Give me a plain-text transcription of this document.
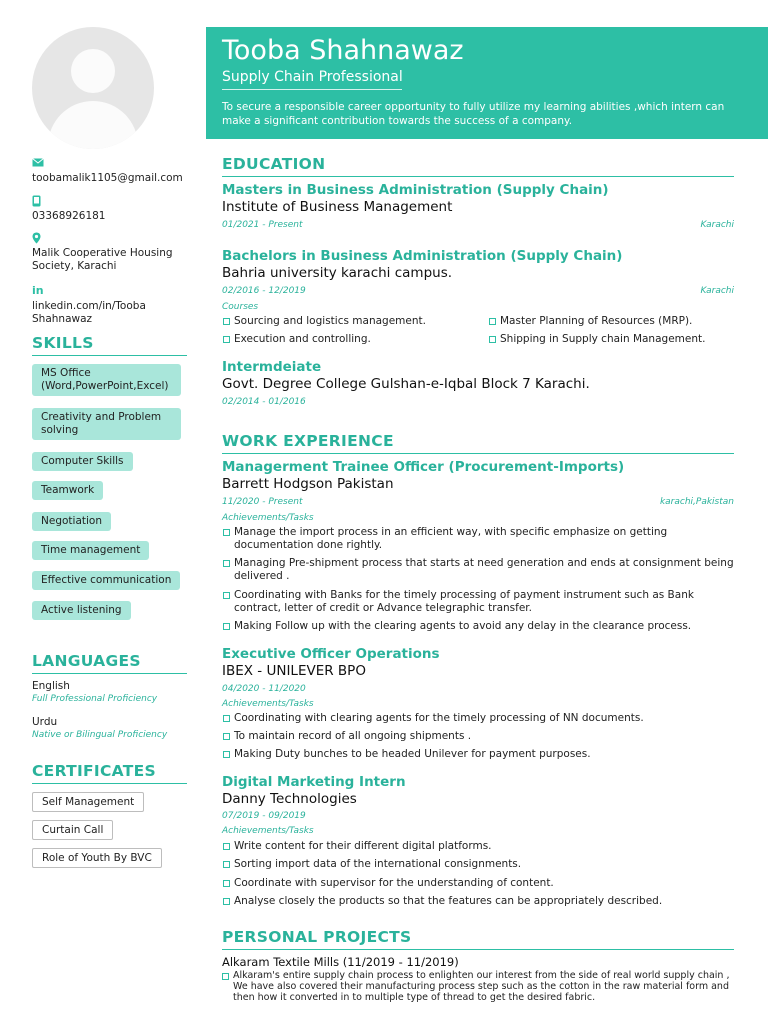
toobamalik1105@gmail.com
03368926181
Malik Cooperative Housing Society, Karachi
in
linkedin.com/in/Tooba Shahnawaz
SKILLS
MS Office (Word,PowerPoint,Excel)
Creativity and Problem solving
Computer Skills
Teamwork
Negotiation
Time management
Effective communication
Active listening
LANGUAGES
English
Full Professional Proficiency
Urdu
Native or Bilingual Proficiency
CERTIFICATES
Self Management
Curtain Call
Role of Youth By BVC
Tooba Shahnawaz
Supply Chain Professional
To secure a responsible career opportunity to fully utilize my learning abilities ,which intern can make a significant contribution towards the success of a company.
EDUCATION
Masters in Business Administration (Supply Chain)
Institute of Business Management
01/2021 - Present	Karachi
Bachelors in Business Administration (Supply Chain)
Bahria university karachi campus.
02/2016 - 12/2019	Karachi
Courses
Sourcing and logistics management.	Master Planning of Resources (MRP).
Execution and controlling.	Shipping in Supply chain Management.
Intermdeiate
Govt. Degree College Gulshan-e-Iqbal Block 7 Karachi.
02/2014 - 01/2016
WORK EXPERIENCE
Managerment Trainee Officer (Procurement-Imports)
Barrett Hodgson Pakistan
11/2020 - Present	karachi,Pakistan
Achievements/Tasks
Manage the import process in an efficient way, with specific emphasize on getting documentation done rightly.
Managing Pre-shipment process that starts at need generation and ends at consignment being delivered .
Coordinating with Banks for the timely processing of payment instrument such as Bank contract, letter of credit or Advance telegraphic transfer.
Making Follow up with the clearing agents to avoid any delay in the clearance process.
Executive Officer Operations
IBEX - UNILEVER BPO
04/2020 - 11/2020
Achievements/Tasks
Coordinating with clearing agents for the timely processing of NN documents.
To maintain record of all ongoing shipments .
Making Duty bunches to be headed Unilever for payment purposes.
Digital Marketing Intern
Danny Technologies
07/2019 - 09/2019
Achievements/Tasks
Write content for their different digital platforms.
Sorting import data of the international consignments.
Coordinate with supervisor for the understanding of content.
Analyse closely the products so that the features can be appropriately described.
PERSONAL PROJECTS
Alkaram Textile Mills (11/2019 - 11/2019)
Alkaram's entire supply chain process to enlighten our interest from the side of real world supply chain , We have also covered their manufacturing process step such as the cotton in the raw material form and then how it converted in to multiple type of thread to get the desired fabric.
